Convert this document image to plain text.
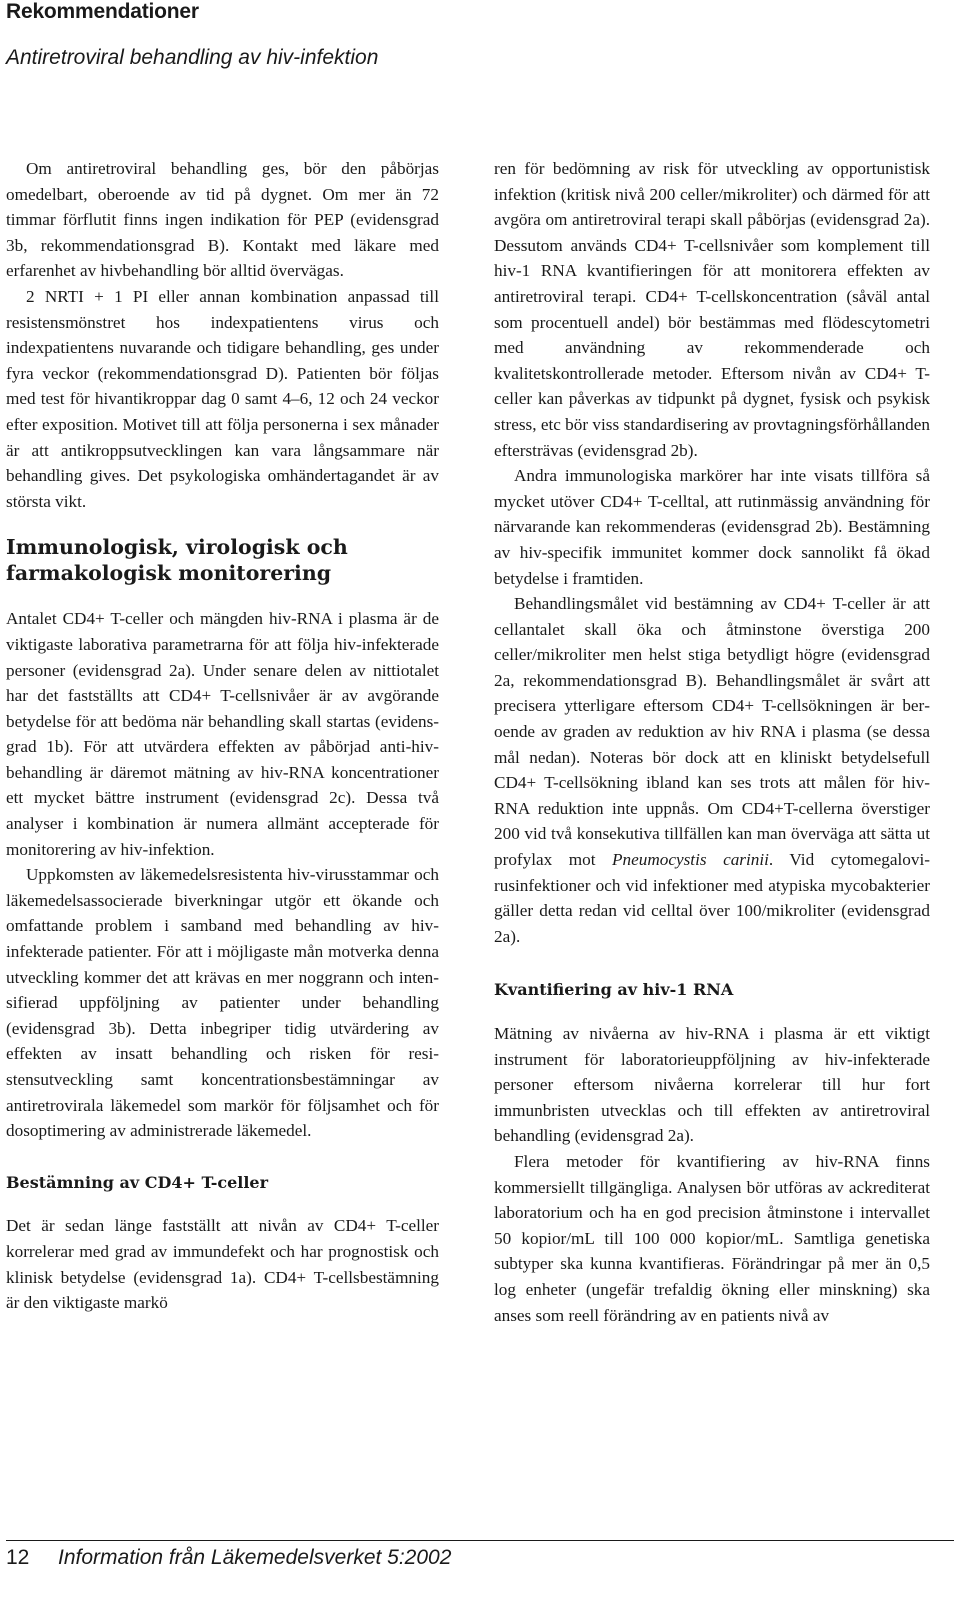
Rekommendationer
Antiretroviral behandling av hiv-infektion

Om antiretroviral behandling ges, bör den påbörjas omedelbart, oberoende av tid på dygnet. Om mer än 72 timmar förflutit finns ingen indikation för PEP (evidensgrad 3b, rekommendationsgrad B). Kontakt med läkare med erfarenhet av hivbehandling bör alltid övervägas.

2 NRTI + 1 PI eller annan kombination anpassad till resistensmönstret hos indexpatientens virus och indexpatientens nuvarande och tidigare behandling, ges under fyra veckor (rekommendationsgrad D). Patienten bör följas med test för hivantikroppar dag 0 samt 4–6, 12 och 24 veckor efter exposition. Motivet till att följa personerna i sex månader är att antikroppsutvecklingen kan vara långsammare när behandling gives. Det psykologiska omhändertagandet är av största vikt.

Immunologisk, virologisk och farmakologisk monitorering

Antalet CD4+ T-celler och mängden hiv-RNA i plasma är de viktigaste laborativa parametrarna för att följa hiv-infekterade personer (evidensgrad 2a). Under senare delen av nittiotalet har det fastställts att CD4+ T-cellsnivåer är av avgörande betydelse för att bedöma när behandling skall startas (evidensgrad 1b). För att utvärdera effekten av påbörjad anti-hiv-behandling är däremot mätning av hiv-RNA koncentrationer ett mycket bättre instrument (evidensgrad 2c). Dessa två analyser i kombination är numera allmänt accepterade för monitorering av hiv-infektion.

Uppkomsten av läkemedelsresistenta hiv-virusstammar och läkemedelsassocierade biverkningar utgör ett ökande och omfattande problem i samband med behandling av hiv-infekterade patienter. För att i möjligaste mån motverka denna utveckling kommer det att krävas en mer noggrann och intensifierad uppföljning av patienter under behandling (evidensgrad 3b). Detta inbegriper tidig utvärdering av effekten av insatt behandling och risken för resistensutveckling samt koncentrationsbestämningar av antiretrovirala läkemedel som markör för följsamhet och för dosoptimering av administrerade läkemedel.

Bestämning av CD4+ T-celler

Det är sedan länge fastställt att nivån av CD4+ T-celler korrelerar med grad av immundefekt och har prognostisk och klinisk betydelse (evidensgrad 1a). CD4+ T-cellsbestämning är den viktigaste markö

ren för bedömning av risk för utveckling av opportunistisk infektion (kritisk nivå 200 celler/mikroliter) och därmed för att avgöra om antiretroviral terapi skall påbörjas (evidensgrad 2a). Dessutom används CD4+ T-cellsnivåer som komplement till hiv-1 RNA kvantifieringen för att monitorera effekten av antiretroviral terapi. CD4+ T-cellskoncentration (såväl antal som procentuell andel) bör bestämmas med flödescytometri med användning av rekommenderade och kvalitetskontrollerade metoder. Eftersom nivån av CD4+ T-celler kan påverkas av tidpunkt på dygnet, fysisk och psykisk stress, etc bör viss standardisering av provtagningsförhållanden eftersträvas (evidensgrad 2b).

Andra immunologiska markörer har inte visats tillföra så mycket utöver CD4+ T-celltal, att rutinmässig användning för närvarande kan rekommenderas (evidensgrad 2b). Bestämning av hiv-specifik immunitet kommer dock sannolikt få ökad betydelse i framtiden.

Behandlingsmålet vid bestämning av CD4+ T-celler är att cellantalet skall öka och åtminstone överstiga 200 celler/mikroliter men helst stiga betydligt högre (evidensgrad 2a, rekommendationsgrad B). Behandlingsmålet är svårt att precisera ytterligare eftersom CD4+ T-cellsökningen är beroende av graden av reduktion av hiv RNA i plasma (se dessa mål nedan). Noteras bör dock att en kliniskt betydelsefull CD4+ T-cellsökning ibland kan ses trots att målen för hiv-RNA reduktion inte uppnås. Om CD4+T-cellerna överstiger 200 vid två konsekutiva tillfällen kan man överväga att sätta ut profylax mot Pneumocystis carinii. Vid cytomegalovirusinfektioner och vid infektioner med atypiska mycobakterier gäller detta redan vid celltal över 100/mikroliter (evidensgrad 2a).

Kvantifiering av hiv-1 RNA

Mätning av nivåerna av hiv-RNA i plasma är ett viktigt instrument för laboratorieuppföljning av hiv-infekterade personer eftersom nivåerna korrelerar till hur fort immunbristen utvecklas och till effekten av antiretroviral behandling (evidensgrad 2a).

Flera metoder för kvantifiering av hiv-RNA finns kommersiellt tillgängliga. Analysen bör utföras av ackrediterat laboratorium och ha en god precision åtminstone i intervallet 50 kopior/mL till 100 000 kopior/mL. Samtliga genetiska subtyper ska kunna kvantifieras. Förändringar på mer än 0,5 log enheter (ungefär trefaldig ökning eller minskning) ska anses som reell förändring av en patients nivå av

12 Information från Läkemedelsverket 5:2002
